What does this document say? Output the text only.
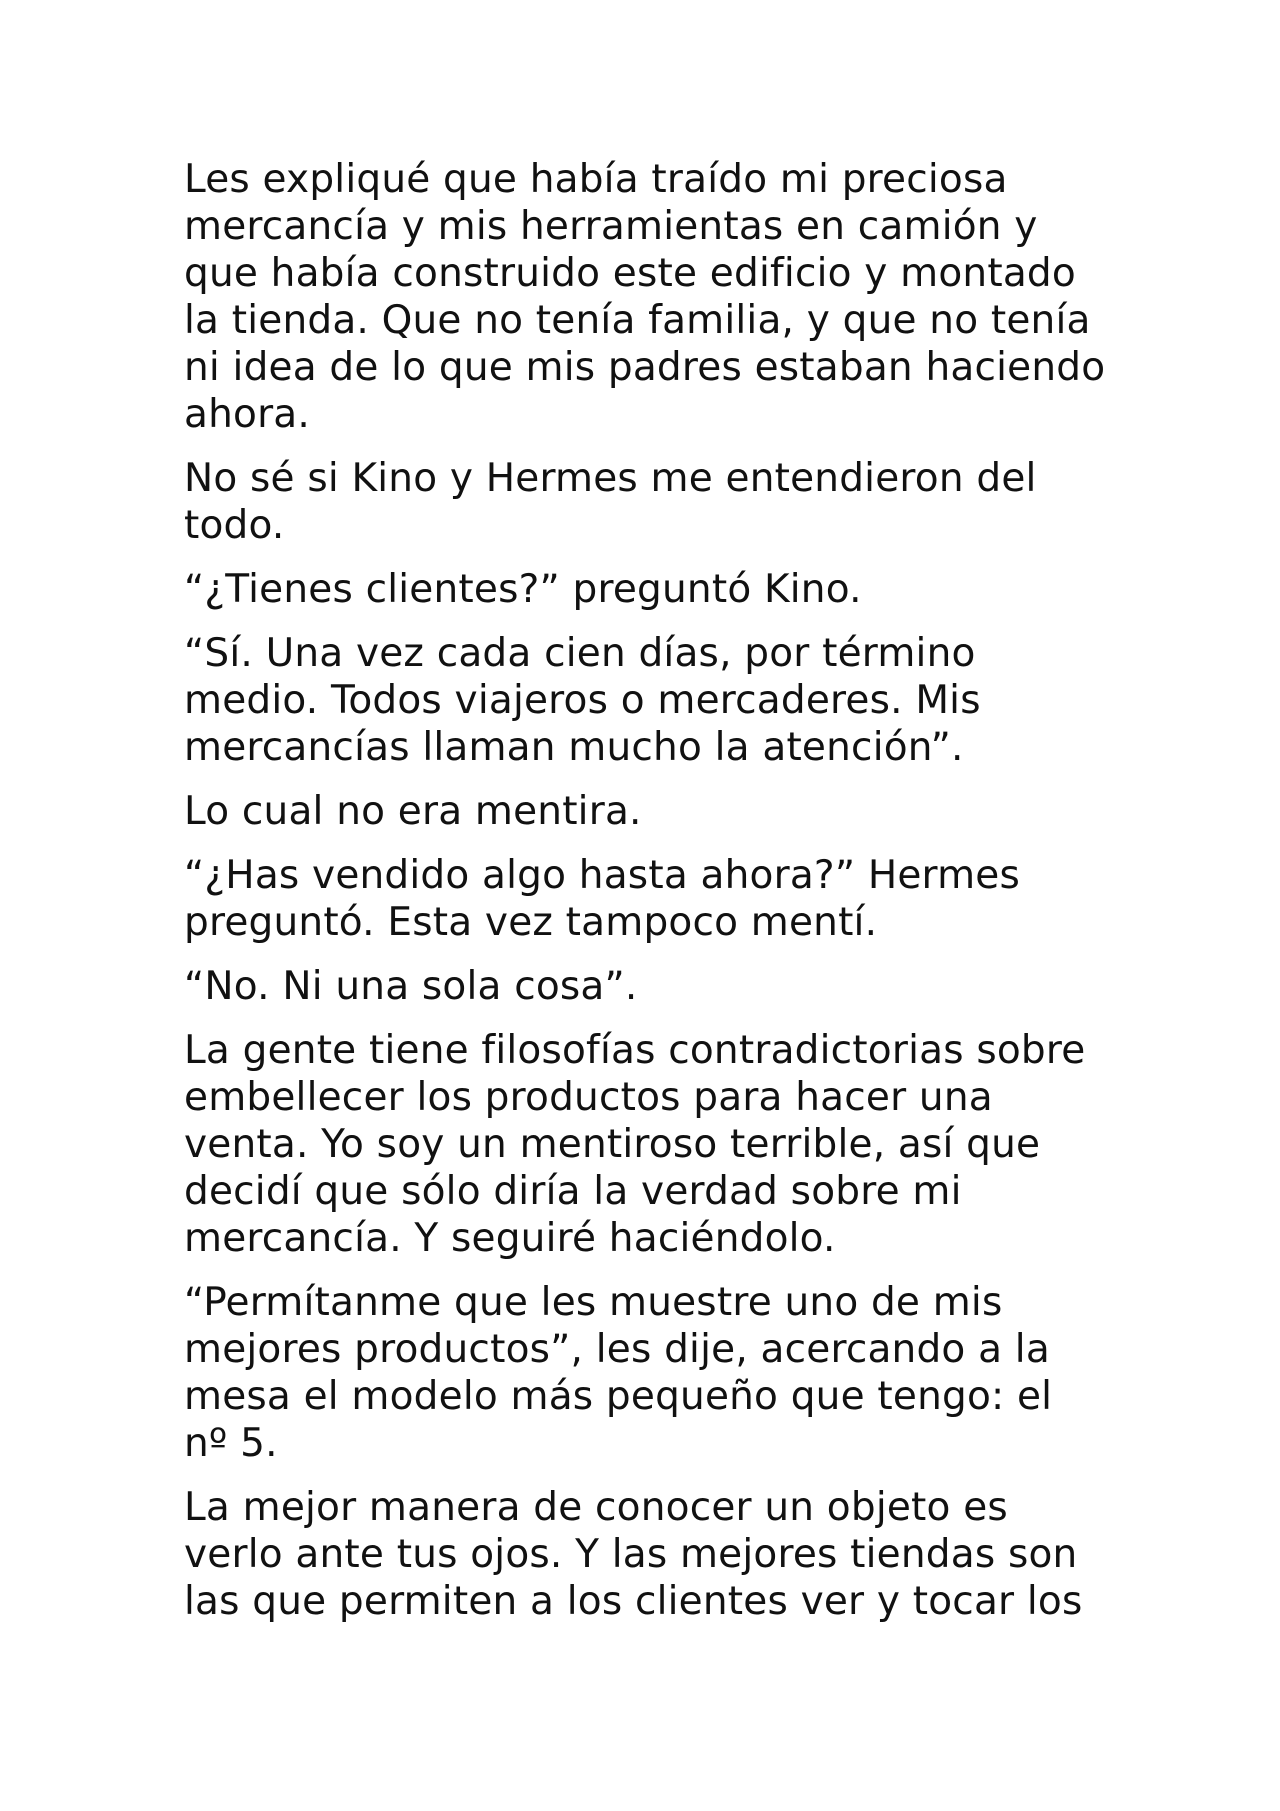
Les expliqué que había traído mi preciosa
mercancía y mis herramientas en camión y
que había construido este edificio y montado
la tienda. Que no tenía familia, y que no tenía
ni idea de lo que mis padres estaban haciendo
ahora.

No sé si Kino y Hermes me entendieron del
todo.

“¿Tienes clientes?” preguntó Kino.

“Sí. Una vez cada cien días, por término
medio. Todos viajeros o mercaderes. Mis
mercancías llaman mucho la atención”.

Lo cual no era mentira.

“¿Has vendido algo hasta ahora?” Hermes
preguntó. Esta vez tampoco mentí.

“No. Ni una sola cosa”.

La gente tiene filosofías contradictorias sobre
embellecer los productos para hacer una
venta. Yo soy un mentiroso terrible, así que
decidí que sólo diría la verdad sobre mi
mercancía. Y seguiré haciéndolo.

“Permítanme que les muestre uno de mis
mejores productos”, les dije, acercando a la
mesa el modelo más pequeño que tengo: el
nº 5.

La mejor manera de conocer un objeto es
verlo ante tus ojos. Y las mejores tiendas son
las que permiten a los clientes ver y tocar los
